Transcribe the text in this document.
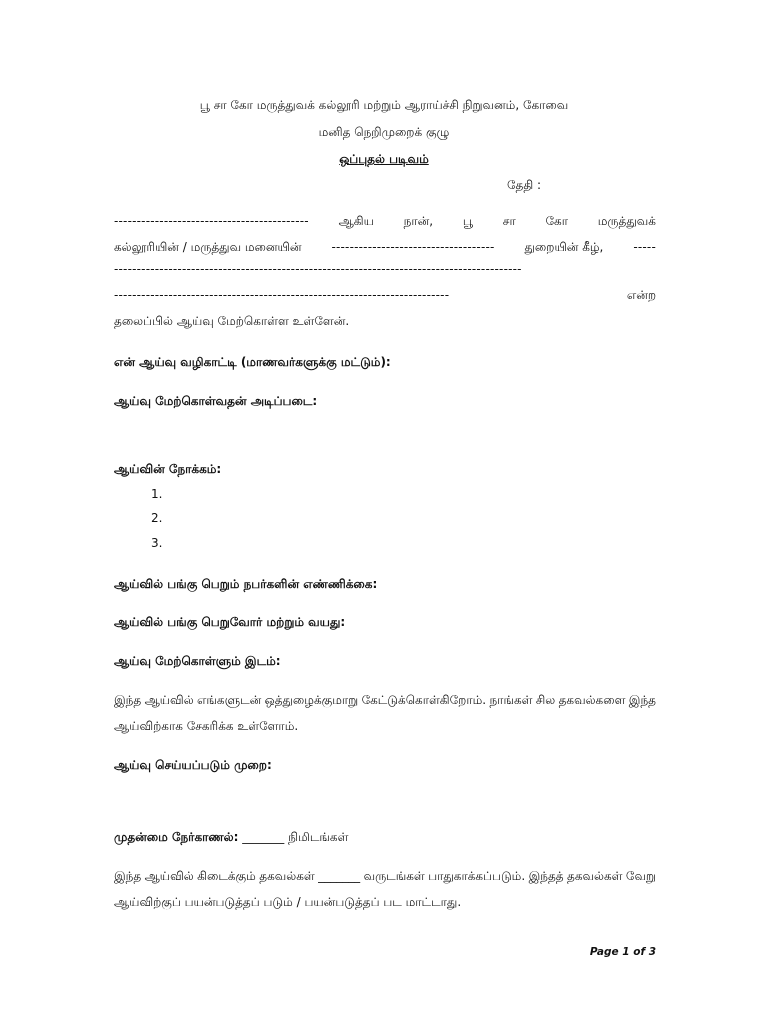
பூ சா கோ மருத்துவக் கல்லூரி மற்றும் ஆராய்ச்சி நிறுவனம், கோவை
மனித நெறிமுறைக் குழு
ஒப்புதல் படிவம்
தேதி :
------------------------------------------- ஆகிய நான், பூ சா கோ மருத்துவக்
கல்லூரியின் / மருத்துவ மனையின் ------------------------------------ துறையின் கீழ், -----
------------------------------------------------------------------------------------------
--------------------------------------------------------------------------	என்ற
தலைப்பில் ஆய்வு மேற்கொள்ள உள்ளேன்.
என் ஆய்வு வழிகாட்டி (மாணவர்களுக்கு மட்டும்):
ஆய்வு மேற்கொள்வதன் அடிப்படை:
ஆய்வின் நோக்கம்:
1.
2.
3.
ஆய்வில் பங்கு பெறும் நபர்களின் எண்ணிக்கை:
ஆய்வில் பங்கு பெறுவோர் மற்றும் வயது:
ஆய்வு மேற்கொள்ளும் இடம்:
இந்த ஆய்வில் எங்களுடன் ஒத்துழைக்குமாறு கேட்டுக்கொள்கிறோம். நாங்கள் சில தகவல்களை இந்த
ஆய்விற்காக சேகரிக்க உள்ளோம்.
ஆய்வு செய்யப்படும் முறை:
முதன்மை நேர்காணல்: _______ நிமிடங்கள்
இந்த ஆய்வில் கிடைக்கும் தகவல்கள் _______ வருடங்கள் பாதுகாக்கப்படும். இந்தத் தகவல்கள் வேறு
ஆய்விற்குப் பயன்படுத்தப் படும் / பயன்படுத்தப் பட மாட்டாது.
Page 1 of 3
